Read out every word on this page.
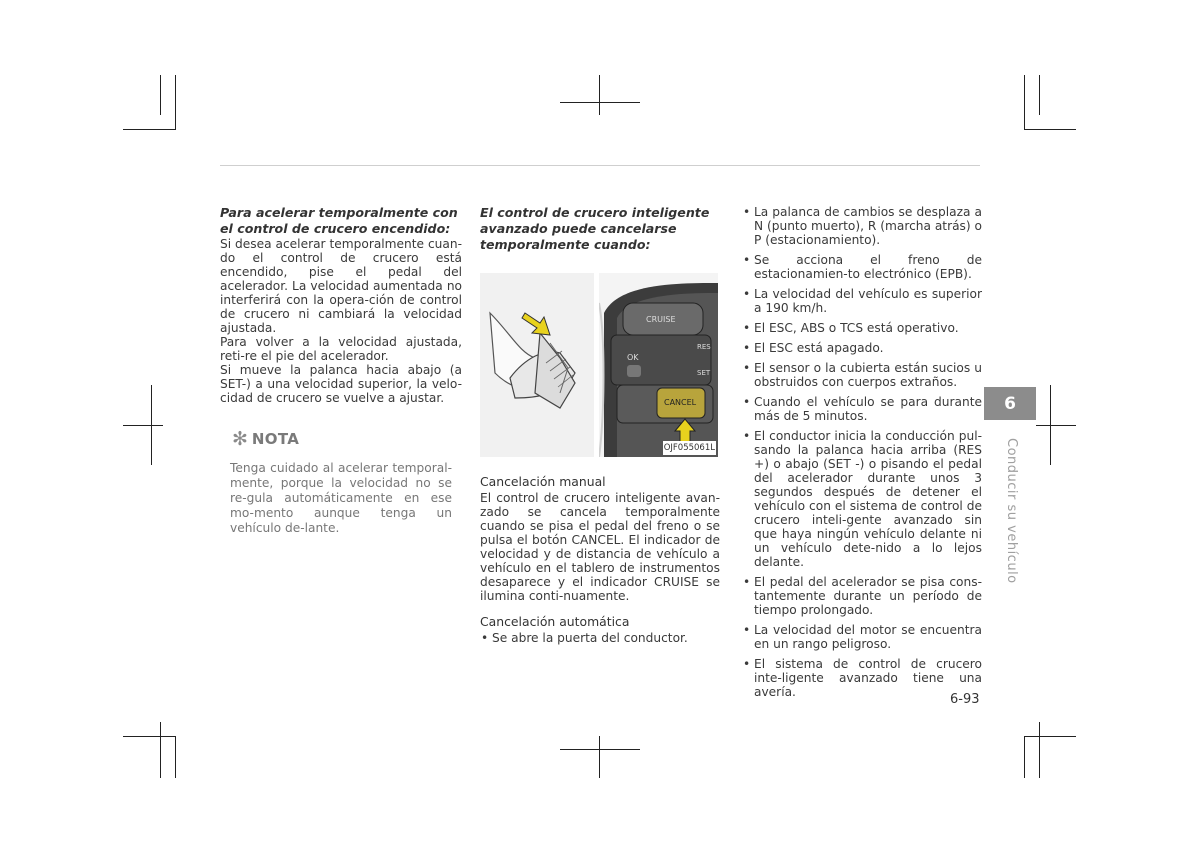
Para acelerar temporalmente con el control de crucero encendido:

Si desea acelerar temporalmente cuan-do el control de crucero está encendido, pise el pedal del acelerador. La velocidad aumentada no interferirá con la opera-ción de control de crucero ni cambiará la velocidad ajustada.

Para volver a la velocidad ajustada, reti-re el pie del acelerador.

Si mueve la palanca hacia abajo (a SET-) a una velocidad superior, la velo-cidad de crucero se vuelve a ajustar.

✻ NOTA

Tenga cuidado al acelerar temporal-mente, porque la velocidad no se re-gula automáticamente en ese mo-mento aunque tenga un vehículo de-lante.

El control de crucero inteligente avanzado puede cancelarse temporalmente cuando:

CRUISE
OK
RES
SET
CANCEL
OJF055061L

Cancelación manual

El control de crucero inteligente avan-zado se cancela temporalmente cuando se pisa el pedal del freno o se pulsa el botón CANCEL. El indicador de velocidad y de distancia de vehículo a vehículo en el tablero de instrumentos desaparece y el indicador CRUISE se ilumina conti-nuamente.

Cancelación automática

• Se abre la puerta del conductor.
• La palanca de cambios se desplaza a N (punto muerto), R (marcha atrás) o P (estacionamiento).
• Se acciona el freno de estacionamien-to electrónico (EPB).
• La velocidad del vehículo es superior a 190 km/h.
• El ESC, ABS o TCS está operativo.
• El ESC está apagado.
• El sensor o la cubierta están sucios u obstruidos con cuerpos extraños.
• Cuando el vehículo se para durante más de 5 minutos.
• El conductor inicia la conducción pul-sando la palanca hacia arriba (RES +) o abajo (SET -) o pisando el pedal del acelerador durante unos 3 segundos después de detener el vehículo con el sistema de control de crucero inteli-gente avanzado sin que haya ningún vehículo delante ni un vehículo dete-nido a lo lejos delante.
• El pedal del acelerador se pisa cons-tantemente durante un período de tiempo prolongado.
• La velocidad del motor se encuentra en un rango peligroso.
• El sistema de control de crucero inte-ligente avanzado tiene una avería.
6
Conducir su vehículo
6-93
